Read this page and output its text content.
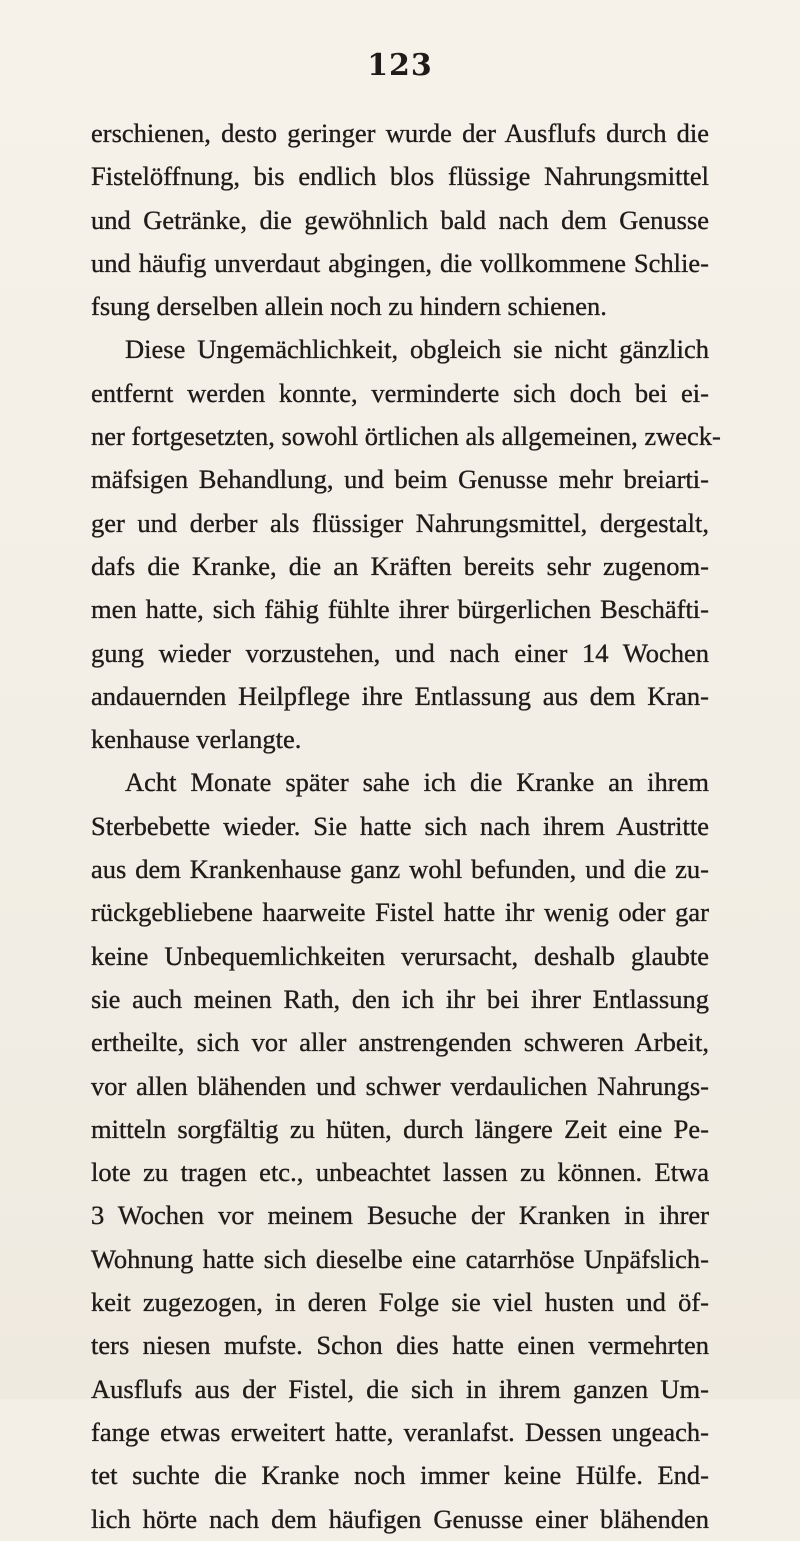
123
erschienen, desto geringer wurde der Ausflufs durch die
Fistelöffnung, bis endlich blos flüssige Nahrungsmittel
und Getränke, die gewöhnlich bald nach dem Genusse
und häufig unverdaut abgingen, die vollkommene Schlie-
fsung derselben allein noch zu hindern schienen.
Diese Ungemächlichkeit, obgleich sie nicht gänzlich
entfernt werden konnte, verminderte sich doch bei ei-
ner fortgesetzten, sowohl örtlichen als allgemeinen, zweck-
mäfsigen Behandlung, und beim Genusse mehr breiarti-
ger und derber als flüssiger Nahrungsmittel, dergestalt,
dafs die Kranke, die an Kräften bereits sehr zugenom-
men hatte, sich fähig fühlte ihrer bürgerlichen Beschäfti-
gung wieder vorzustehen, und nach einer 14 Wochen
andauernden Heilpflege ihre Entlassung aus dem Kran-
kenhause verlangte.
Acht Monate später sahe ich die Kranke an ihrem
Sterbebette wieder. Sie hatte sich nach ihrem Austritte
aus dem Krankenhause ganz wohl befunden, und die zu-
rückgebliebene haarweite Fistel hatte ihr wenig oder gar
keine Unbequemlichkeiten verursacht, deshalb glaubte
sie auch meinen Rath, den ich ihr bei ihrer Entlassung
ertheilte, sich vor aller anstrengenden schweren Arbeit,
vor allen blähenden und schwer verdaulichen Nahrungs-
mitteln sorgfältig zu hüten, durch längere Zeit eine Pe-
lote zu tragen etc., unbeachtet lassen zu können. Etwa
3 Wochen vor meinem Besuche der Kranken in ihrer
Wohnung hatte sich dieselbe eine catarrhöse Unpäfslich-
keit zugezogen, in deren Folge sie viel husten und öf-
ters niesen mufste. Schon dies hatte einen vermehrten
Ausflufs aus der Fistel, die sich in ihrem ganzen Um-
fange etwas erweitert hatte, veranlafst. Dessen ungeach-
tet suchte die Kranke noch immer keine Hülfe. End-
lich hörte nach dem häufigen Genusse einer blähenden
